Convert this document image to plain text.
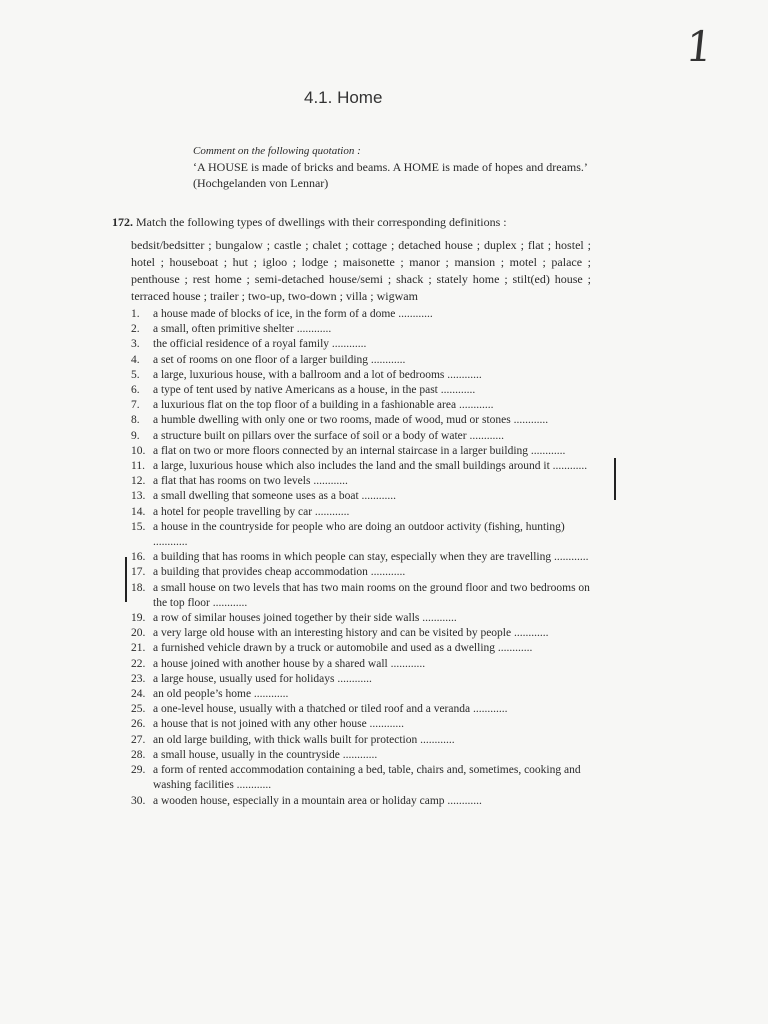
1
4.1. Home
Comment on the following quotation :
‘A HOUSE is made of bricks and beams. A HOME is made of hopes and dreams.’ (Hochgelanden von Lennar)
172. Match the following types of dwellings with their corresponding definitions :
bedsit/bedsitter ; bungalow ; castle ; chalet ; cottage ; detached house ; duplex ; flat ; hostel ; hotel ; houseboat ; hut ; igloo ; lodge ; maisonette ; manor ; mansion ; motel ; palace ; penthouse ; rest home ; semi-detached house/semi ; shack ; stately home ; stilt(ed) house ; terraced house ; trailer ; two-up, two-down ; villa ; wigwam
1.	a house made of blocks of ice, in the form of a dome ............
2.	a small, often primitive shelter ............
3.	the official residence of a royal family ............
4.	a set of rooms on one floor of a larger building ............
5.	a large, luxurious house, with a ballroom and a lot of bedrooms ............
6.	a type of tent used by native Americans as a house, in the past ............
7.	a luxurious flat on the top floor of a building in a fashionable area ............
8.	a humble dwelling with only one or two rooms, made of wood, mud or stones ............
9.	a structure built on pillars over the surface of soil or a body of water ............
10. a flat on two or more floors connected by an internal staircase in a larger building ............
11. a large, luxurious house which also includes the land and the small buildings around it ............
12. a flat that has rooms on two levels ............
13. a small dwelling that someone uses as a boat ............
14. a hotel for people travelling by car ............
15. a house in the countryside for people who are doing an outdoor activity (fishing, hunting) ............
16. a building that has rooms in which people can stay, especially when they are travelling ............
17. a building that provides cheap accommodation ............
18. a small house on two levels that has two main rooms on the ground floor and two bedrooms on the top floor ............
19. a row of similar houses joined together by their side walls ............
20. a very large old house with an interesting history and can be visited by people ............
21. a furnished vehicle drawn by a truck or automobile and used as a dwelling ............
22. a house joined with another house by a shared wall ............
23. a large house, usually used for holidays ............
24. an old people’s home ............
25. a one-level house, usually with a thatched or tiled roof and a veranda ............
26. a house that is not joined with any other house ............
27. an old large building, with thick walls built for protection ............
28. a small house, usually in the countryside ............
29. a form of rented accommodation containing a bed, table, chairs and, sometimes, cooking and washing facilities ............
30. a wooden house, especially in a mountain area or holiday camp ............
